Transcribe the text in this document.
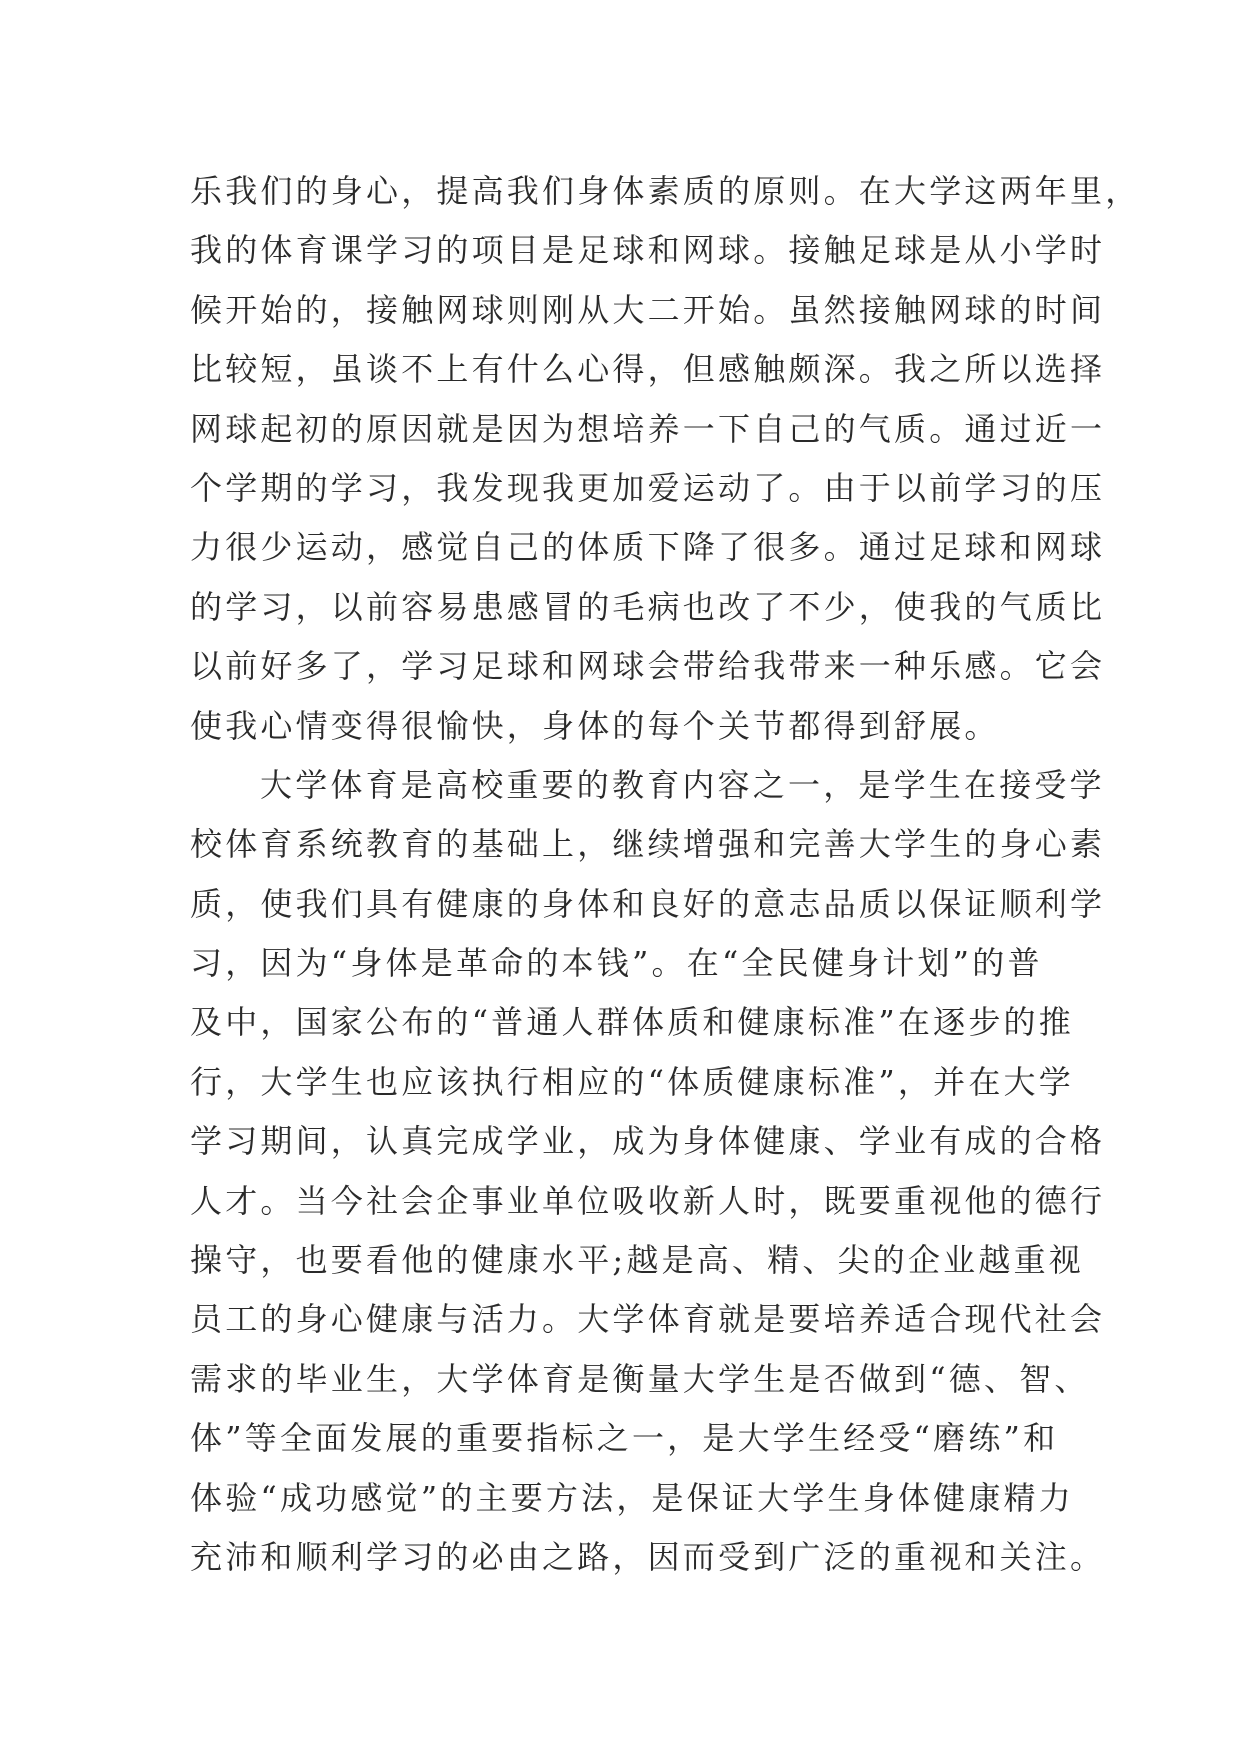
乐我们的身心，提高我们身体素质的原则。在大学这两年里，
我的体育课学习的项目是足球和网球。接触足球是从小学时
候开始的，接触网球则刚从大二开始。虽然接触网球的时间
比较短，虽谈不上有什么心得，但感触颇深。我之所以选择
网球起初的原因就是因为想培养一下自己的气质。通过近一
个学期的学习，我发现我更加爱运动了。由于以前学习的压
力很少运动，感觉自己的体质下降了很多。通过足球和网球
的学习，以前容易患感冒的毛病也改了不少，使我的气质比
以前好多了，学习足球和网球会带给我带来一种乐感。它会
使我心情变得很愉快，身体的每个关节都得到舒展。
大学体育是高校重要的教育内容之一，是学生在接受学
校体育系统教育的基础上，继续增强和完善大学生的身心素
质，使我们具有健康的身体和良好的意志品质以保证顺利学
习，因为“身体是革命的本钱”。在“全民健身计划”的普
及中，国家公布的“普通人群体质和健康标准”在逐步的推
行，大学生也应该执行相应的“体质健康标准”，并在大学
学习期间，认真完成学业，成为身体健康、学业有成的合格
人才。当今社会企事业单位吸收新人时，既要重视他的德行
操守，也要看他的健康水平;越是高、精、尖的企业越重视
员工的身心健康与活力。大学体育就是要培养适合现代社会
需求的毕业生，大学体育是衡量大学生是否做到“德、智、
体”等全面发展的重要指标之一，是大学生经受“磨练”和
体验“成功感觉”的主要方法，是保证大学生身体健康精力
充沛和顺利学习的必由之路，因而受到广泛的重视和关注。
